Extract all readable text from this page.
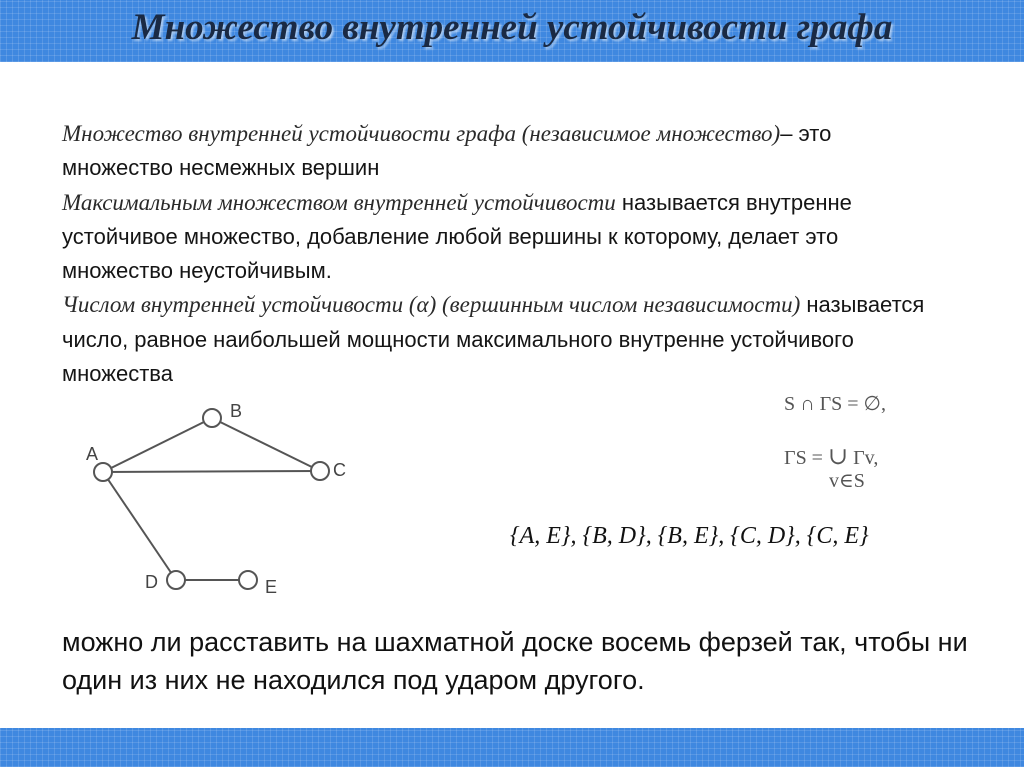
Множество внутренней устойчивости графа
Множество внутренней устойчивости графа (независимое множество)– это множество несмежных вершин
Максимальным множеством внутренней устойчивости называется внутренне устойчивое множество, добавление любой вершины к которому, делает это множество неустойчивым.
Числом внутренней устойчивости (α) (вершинным числом независимости) называется число, равное наибольшей мощности максимального внутренне устойчивого множества
S ∩ ΓS = ∅,
ΓS = ∪ Γv,
v∈S
A
B
C
D	E
{A, E}, {B, D}, {B, E}, {C, D}, {C, E}
можно ли расставить на шахматной доске восемь ферзей так, чтобы ни один из них не находился под ударом другого.
